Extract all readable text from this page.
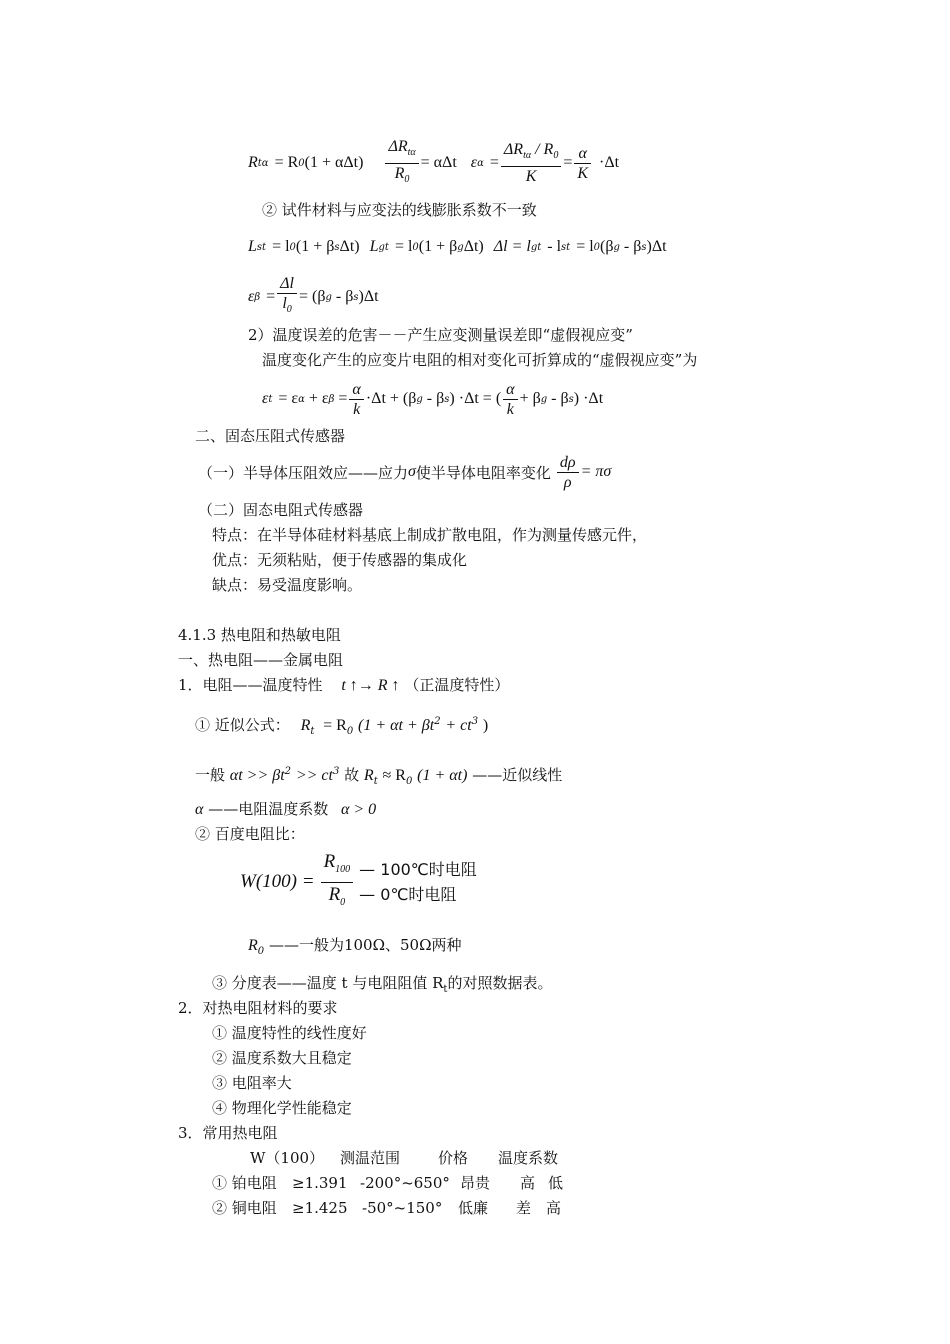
R tα = R 0 $(1 + \alpha\Delta t) \frac{\Delta R_{t\alpha}}{R_0} = \alpha\Delta t$ ε $\alpha = \frac{\Delta R_{t\alpha} / R_0}{K} = \frac{\alpha}{K} \cdot\Delta t$
② 试件材料与应变法的线膨胀系数不一致
L st = l 0 (1 + β s Δt) L gt = l 0 (1 + β g Δt) Δl = l gt - l st = l 0 (β g - β s )Δt
ε $\beta = \frac{\Delta l}{l_0} = (\beta$ g - β s )Δt
2）温度误差的危害－－产生应变测量误差即“虚假视应变”
温度变化产生的应变片电阻的相对变化可折算成的“虚假视应变”为
ε t = ε α + ε $\beta = \frac{\alpha}{k} \cdot\Delta t + (\beta$ g - β s ) ·Δt = ( $\frac{\alpha}{k} + \beta$ g - β s ) ·Δt
二、固态压阻式传感器
（一）半导体压阻效应——应力 σ 使半导体电阻率变化 $\frac{d\rho}{\rho} = \pi\sigma$
（二）固态电阻式传感器
特点：在半导体硅材料基底上制成扩散电阻，作为测量传感元件，
优点：无须粘贴，便于传感器的集成化
缺点：易受温度影响。
4.1.3 热电阻和热敏电阻
一、热电阻——金属电阻
1．电阻——温度特性 t ↑→ R ↑ （正温度特性）
① 近似公式： $R_t = R_0$ ($1 + \alpha t + \beta t^2 + ct^3$ )
一般 $\alpha t >> \beta t^2 >> ct^3$ 故 $R_t \approx R_0$ (1 + αt) ——近似线性
α ——电阻温度系数 α > 0
② 百度电阻比：
$W(100) = \frac{R_{100}}{R_0}$ — 100℃时电阻
— 0℃时电阻
$R_0$ ——一般为100Ω、50Ω两种
③ 分度表——温度 t 与电阻阻值 $R_t$的对照数据表。
2．对热电阻材料的要求
① 温度特性的线性度好
② 温度系数大且稳定
③ 电阻率大
④ 物理化学性能稳定
3．常用热电阻
W（100） 测温范围	价格 温度系数
① 铂电阻 ≥1.391 -200°~650° 昂贵 高 低
② 铜电阻 ≥1.425 -50°~150° 低廉 差 高
